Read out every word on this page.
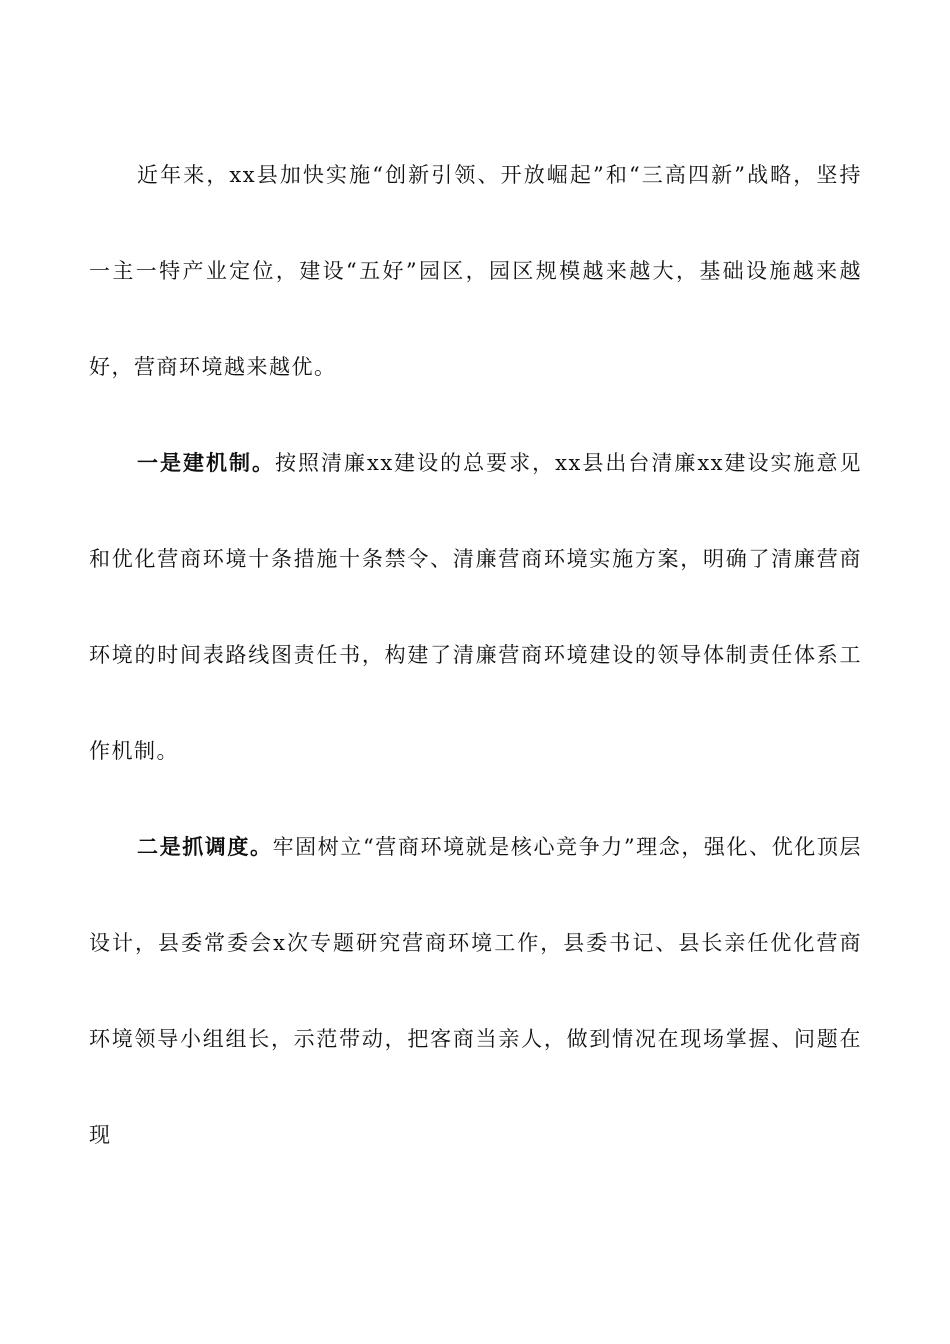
近年来，xx县加快实施“创新引领、开放崛起”和“三高四新”战略，坚持一主一特产业定位，建设“五好”园区，园区规模越来越大，基础设施越来越好，营商环境越来越优。

一是建机制。按照清廉xx建设的总要求，xx县出台清廉xx建设实施意见和优化营商环境十条措施十条禁令、清廉营商环境实施方案，明确了清廉营商环境的时间表路线图责任书，构建了清廉营商环境建设的领导体制责任体系工作机制。

二是抓调度。牢固树立“营商环境就是核心竞争力”理念，强化、优化顶层设计，县委常委会x次专题研究营商环境工作，县委书记、县长亲任优化营商环境领导小组组长，示范带动，把客商当亲人，做到情况在现场掌握、问题在现
